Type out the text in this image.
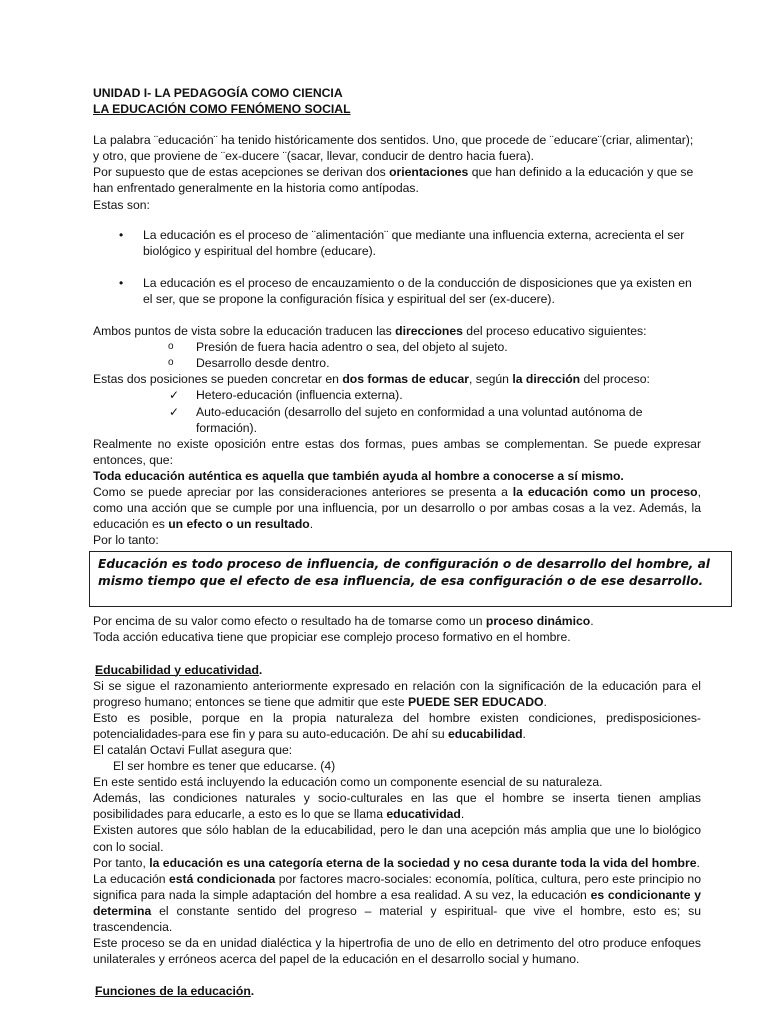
UNIDAD I- LA PEDAGOGÍA COMO CIENCIA

LA EDUCACIÓN COMO FENÓMENO SOCIAL

La palabra ¨educación¨ ha tenido históricamente dos sentidos. Uno, que procede de ¨educare¨(criar, alimentar); y otro, que proviene de ¨ex-ducere ¨(sacar, llevar, conducir de dentro hacia fuera).

Por supuesto que de estas acepciones se derivan dos orientaciones que han definido a la educación y que se han enfrentado generalmente en la historia como antípodas.

Estas son:

• La educación es el proceso de ¨alimentación¨ que mediante una influencia externa, acrecienta el ser biológico y espiritual del hombre (educare).
• La educación es el proceso de encauzamiento o de la conducción de disposiciones que ya existen en el ser, que se propone la configuración física y espiritual del ser (ex-ducere).

Ambos puntos de vista sobre la educación traducen las direcciones del proceso educativo siguientes:

o Presión de fuera hacia adentro o sea, del objeto al sujeto.
o Desarrollo desde dentro.

Estas dos posiciones se pueden concretar en dos formas de educar, según la dirección del proceso:

✓ Hetero-educación (influencia externa).
✓ Auto-educación (desarrollo del sujeto en conformidad a una voluntad autónoma de formación).

Realmente no existe oposición entre estas dos formas, pues ambas se complementan. Se puede expresar entonces, que:

Toda educación auténtica es aquella que también ayuda al hombre a conocerse a sí mismo.

Como se puede apreciar por las consideraciones anteriores se presenta a la educación como un proceso, como una acción que se cumple por una influencia, por un desarrollo o por ambas cosas a la vez. Además, la educación es un efecto o un resultado.

Por lo tanto:

Educación es todo proceso de influencia, de configuración o de desarrollo del hombre, al mismo tiempo que el efecto de esa influencia, de esa configuración o de ese desarrollo.

Por encima de su valor como efecto o resultado ha de tomarse como un proceso dinámico.

Toda acción educativa tiene que propiciar ese complejo proceso formativo en el hombre.

Educabilidad y educatividad.

Si se sigue el razonamiento anteriormente expresado en relación con la significación de la educación para el progreso humano; entonces se tiene que admitir que este PUEDE SER EDUCADO.

Esto es posible, porque en la propia naturaleza del hombre existen condiciones, predisposiciones-potencialidades-para ese fin y para su auto-educación. De ahí su educabilidad.

El catalán Octavi Fullat asegura que:

El ser hombre es tener que educarse. (4)

En este sentido está incluyendo la educación como un componente esencial de su naturaleza.

Además, las condiciones naturales y socio-culturales en las que el hombre se inserta tienen amplias posibilidades para educarle, a esto es lo que se llama educatividad.

Existen autores que sólo hablan de la educabilidad, pero le dan una acepción más amplia que une lo biológico con lo social.

Por tanto, la educación es una categoría eterna de la sociedad y no cesa durante toda la vida del hombre.

La educación está condicionada por factores macro-sociales: economía, política, cultura, pero este principio no significa para nada la simple adaptación del hombre a esa realidad. A su vez, la educación es condicionante y determina el constante sentido del progreso – material y espiritual- que vive el hombre, esto es; su trascendencia.

Este proceso se da en unidad dialéctica y la hipertrofia de uno de ello en detrimento del otro produce enfoques unilaterales y erróneos acerca del papel de la educación en el desarrollo social y humano.

Funciones de la educación.
